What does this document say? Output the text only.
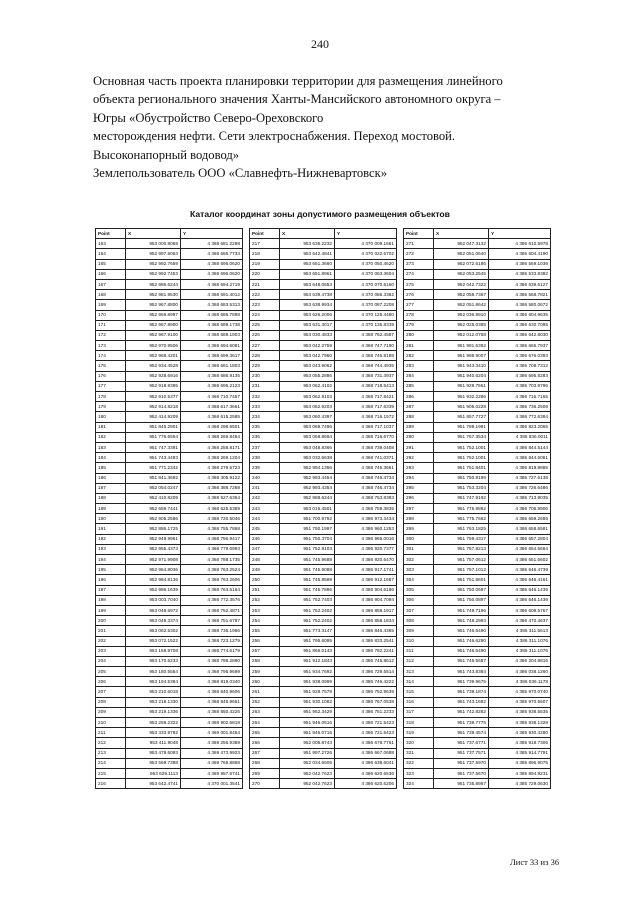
240
Основная часть проекта планировки территории для размещения линейного
объекта регионального значения Ханты-Мансийского автономного округа –
Югры «Обустройство Северо-Ореховского
месторождения нефти. Сети электроснабжения. Переход мостовой.
Высоконапорный водовод»
Землепользователь ООО «Славнефть-Нижневартовск»
Каталог координат зоны допустимого размещения объектов
Point	X	Y
163	953 000.8069	4 368 681.2298
164	952 997.5063	4 368 686.7733
165	952 992.7659	4 368 696.0620
166	952 992.7453	4 368 696.0620
167	952 986.6244	4 368 694.2719
168	952 981.9530	4 368 691.4012
169	952 967.8800	4 368 683.5313
170	952 966.8997	4 368 686.7898
171	952 967.8900	4 368 689.1738
172	952 967.9100	4 368 689.1903
173	952 970.9506	4 368 694.6081
174	952 968.4201	4 368 699.3617
175	952 934.4528	4 368 681.1803
176	952 928.6916	4 368 686.9135
177	952 918.9395	4 368 695.2123
178	952 910.5377	4 368 710.7457
179	952 914.8218	4 368 617.3661
180	952 414.9209	4 368 615.2585
181	951 845.2901	4 368 298.6501
182	951 776.6554	4 368 269.8464
183	951 747.3391	4 368 258.8171
184	951 743.4483	4 368 269.1204
185	951 771.2342	4 368 279.5723
186	951 841.3692	4 368 305.9122
187	952 054.0247	4 368 388.7268
188	952 410.8209	4 368 527.6364
189	952 659.7441	4 368 625.5389
190	952 905.2586	4 368 720.5046
191	952 886.1725	4 368 755.7868
192	952 949.9961	4 368 756.9417
193	952 955.4373	4 368 779.0993
194	952 971.9908	4 368 788.1735
195	952 964.8036	4 368 763.2524
196	952 984.8136	4 368 763.2606
197	952 986.1639	4 368 763.5164
198	953 003.7040	4 368 772.3576
199	953 048.6972	4 368 752.4871
200	953 049.3374	4 368 751.6787
201	953 062.5302	4 368 735.1966
202	953 072.1522	4 368 723.1279
203	953 158.9708	4 368 774.6179
204	953 170.5233	4 368 788.2890
205	953 180.5554	4 368 795.9699
206	953 194.5384	4 368 819.0340
207	953 210.6018	4 368 840.9606
208	953 218.1330	4 368 846.9661
209	953 219.1336	4 368 850.4226
210	953 259.2322	4 368 902.6818
211	953 333.9782	4 369 001.8464
212	953 411.9048	4 369 256.9389
213	953 479.6093	4 369 473.9923
214	953 569.7398	4 369 765.8868
215	953 629.1113	4 369 957.6741
216	953 642.4741	4 370 001.3541
Point	X	Y
217	953 636.2232	4 370 009.1661
218	953 642.4841	4 370 022.6702
219	953 651.3660	4 370 050.4620
220	953 651.8961	4 370 063.3604
221	953 648.0653	4 370 070.5160
222	953 639.4738	4 370 086.3382
223	953 638.9934	4 370 087.2208
224	953 626.2006	4 370 125.4480
225	953 631.3017	4 370 135.8339
226	953 030.4833	4 368 762.4587
227	953 042.2759	4 368 747.7190
228	953 042.7960	4 368 746.8198
229	953 043.9062	4 368 744.4935
230	953 055.2886	4 368 731.3937
231	953 062.4102	4 368 718.5413
232	953 062.9103	4 368 717.8421
233	953 062.9203	4 368 717.6339
234	953 060.4397	4 368 716.1572
235	953 069.7496	4 368 717.1037
236	953 068.8694	4 368 716.6770
237	953 048.8366	4 368 739.0408
238	953 032.5638	4 368 741.0371
239	952 994.1356	4 368 746.3661
240	952 993.4454	4 368 746.4734
241	952 993.4354	4 368 746.4734
242	952 988.6244	4 368 753.8383
243	953 015.4501	4 368 759.3835
244	951 700.9792	4 386 973.3434
245	951 750.1997	4 386 960.1253
246	951 750.3704	4 386 966.0016
247	951 752.9103	4 386 920.7377
248	951 745.9688	4 386 920.6470
249	951 745.9088	4 386 917.1741
250	951 745.8589	4 386 912.1687
251	951 745.7886	4 386 904.6186
252	951 752.7403	4 386 904.7094
253	951 752.2402	4 386 858.1917
254	951 752.2402	4 386 858.1834
255	951 773.3147	4 386 846.4365
256	951 795.6095	4 386 833.2541
257	951 865.0143	4 386 782.2241
258	951 912.1843	4 386 745.8612
259	951 934.7692	4 386 729.5514
260	951 938.0999	4 386 746.4222
261	951 928.7579	4 386 752.9639
262	951 930.1082	4 386 767.0538
263	951 952.3429	4 386 751.2233
264	951 946.0516	4 386 721.5423
265	951 946.0716	4 386 721.5423
266	952 005.8743	4 386 678.7761
267	951 997.2726	4 386 667.0688
268	952 034.6505	4 386 638.6041
269	952 042.7623	4 386 620.6536
270	952 042.7623	4 386 620.6206
Point	X	Y
271	952 047.3132	4 386 610.5978
272	952 051.0640	4 386 604.4190
273	952 072.6186	4 386 569.1039
274	952 053.2545	4 386 533.8382
275	952 042.7322	4 386 539.6127
276	952 058.7367	4 386 568.7821
277	952 051.8642	4 386 580.0672
278	952 036.8910	4 386 604.9635
279	952 025.0385	4 386 630.7095
280	952 012.0768	4 386 642.8030
281	951 981.5392	4 386 665.7937
282	951 988.9007	4 386 676.0393
283	951 943.3410	4 386 708.7312
284	951 940.6204	4 386 695.8283
285	951 929.7561	4 386 703.9796
286	951 932.2286	4 386 716.7165
287	951 905.0228	4 386 736.2508
288	951 857.7727	4 386 772.6384
289	951 789.1981	4 386 823.2065
290	951 767.3534	4 386 836.0011
291	951 752.1001	4 386 844.5144
292	951 752.1001	4 386 844.5061
293	951 751.8401	4 386 819.8885
294	951 750.9199	4 386 727.6138
295	951 753.3204	4 386 726.6486
296	951 747.9192	4 386 713.9035
297	951 775.8862	4 386 706.9906
298	951 775.7662	4 386 659.2685
299	951 763.1825	4 386 658.6581
300	951 759.4317	4 386 657.2804
301	951 757.8213	4 386 654.5664
302	951 757.0612	4 386 651.5602
303	951 757.1012	4 386 646.4739
304	951 751.8601	4 386 646.4161
305	951 750.0697	4 386 646.1439
306	951 750.0897	4 386 646.1439
307	951 749.7196	4 386 608.5767
308	951 748.2993	4 386 470.4637
309	951 746.6490	4 386 311.5613
310	951 746.6290	4 386 311.1076
311	951 746.6490	4 386 311.1076
312	951 745.5687	4 386 204.8816
313	951 743.8384	4 386 038.1260
314	951 739.9675	4 386 036.1178
315	951 739.1874	4 385 970.0740
316	951 743.1682	4 385 970.5607
317	951 742.8282	4 385 938.5535
318	951 739.7775	4 385 938.1328
319	951 739.4574	4 385 930.4280
320	951 737.6771	4 385 918.7305
321	951 737.7571	4 385 914.7791
322	951 737.5970	4 385 896.9075
323	951 737.5670	4 385 894.9231
324	951 735.8967	4 385 729.0630
Лист 33 из 36
